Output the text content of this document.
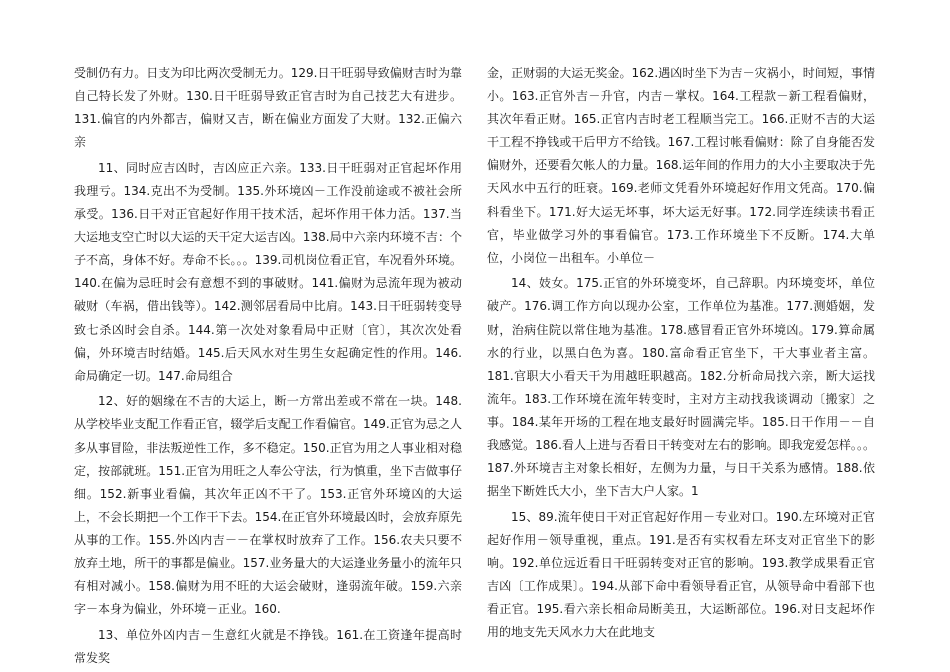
受制仍有力。日支为印比两次受制无力。129.日干旺弱导致偏财吉时为靠自己特长发了外财。130.日干旺弱导致正官吉时为自己技艺大有进步。131.偏官的内外都吉，偏财又吉，断在偏业方面发了大财。132.正偏六亲

11、同时应吉凶时，吉凶应正六亲。133.日干旺弱对正官起坏作用我理亏。134.克出不为受制。135.外环境凶－工作没前途或不被社会所承受。136.日干对正官起好作用干技术活，起坏作用干体力活。137.当大运地支空亡时以大运的天干定大运吉凶。138.局中六亲内环境不吉：个子不高，身体不好。寿命不长。。。139.司机岗位看正官，车况看外环境。140.在偏为忌旺时会有意想不到的事破财。141.偏财为忌流年现为被动破财（车祸，借出钱等）。142.测邻居看局中比肩。143.日干旺弱转变导致七杀凶时会自杀。144.第一次处对象看局中正财〔官〕，其次次处看偏，外环境吉时结婚。145.后天风水对生男生女起确定性的作用。146.命局确定一切。147.命局组合

12、好的姻缘在不吉的大运上，断一方常出差或不常在一块。148.从学校毕业支配工作看正官，辍学后支配工作看偏官。149.正官为忌之人多从事冒险，非法叛逆性工作，多不稳定。150.正官为用之人事业相对稳定，按部就班。151.正官为用旺之人奉公守法，行为慎重，坐下吉做事仔细。152.新事业看偏，其次年正凶不干了。153.正官外环境凶的大运上，不会长期把一个工作干下去。154.在正官外环境最凶时，会放弃原先从事的工作。155.外凶内吉－－在掌权时放弃了工作。156.农夫只要不放弃土地，所干的事都是偏业。157.业务量大的大运逢业务量小的流年只有相对减小。158.偏财为用不旺的大运会破财，逢弱流年破。159.六亲字－本身为偏业，外环境－正业。160.

13、单位外凶内吉－生意红火就是不挣钱。161.在工资逢年提高时常发奖

金，正财弱的大运无奖金。162.遇凶时坐下为吉－灾祸小，时间短，事情小。163.正官外吉－升官，内吉－掌权。164.工程款－新工程看偏财，其次年看正财。165.正官内吉时老工程顺当完工。166.正财不吉的大运干工程不挣钱或干后甲方不给钱。167.工程讨帐看偏财：除了自身能否发偏财外，还要看欠帐人的力量。168.运年间的作用力的大小主要取决于先天风水中五行的旺衰。169.老师文凭看外环境起好作用文凭高。170.偏科看坐下。171.好大运无坏事，坏大运无好事。172.同学连续读书看正官，毕业做学习外的事看偏官。173.工作环境坐下不反断。174.大单位，小岗位－出租车。小单位－

14、妓女。175.正官的外环境变坏，自己辞职。内环境变坏，单位破产。176.调工作方向以现办公室，工作单位为基准。177.测婚姻，发财，治病住院以常住地为基准。178.感冒看正官外环境凶。179.算命属水的行业，以黑白色为喜。180.富命看正官坐下，干大事业者主富。181.官职大小看天干为用越旺职越高。182.分析命局找六亲，断大运找流年。183.工作环境在流年转变时，主对方主动找我谈调动〔搬家〕之事。184.某年开场的工程在地支最好时圆满完毕。185.日干作用－－自我感觉。186.看人上进与否看日干转变对左右的影响。即我宠爱怎样。。。187.外环境吉主对象长相好，左侧为力量，与日干关系为感情。188.依据坐下断姓氏大小，坐下吉大户人家。1

15、89.流年使日干对正官起好作用－专业对口。190.左环境对正官起好作用－领导重视，重点。191.是否有实权看左环支对正官坐下的影响。192.单位远近看日干旺弱转变对正官的影响。193.教学成果看正官吉凶〔工作成果〕。194.从部下命中看领导看正官，从领导命中看部下也看正官。195.看六亲长相命局断美丑，大运断部位。196.对日支起坏作用的地支先天风水力大在此地支
